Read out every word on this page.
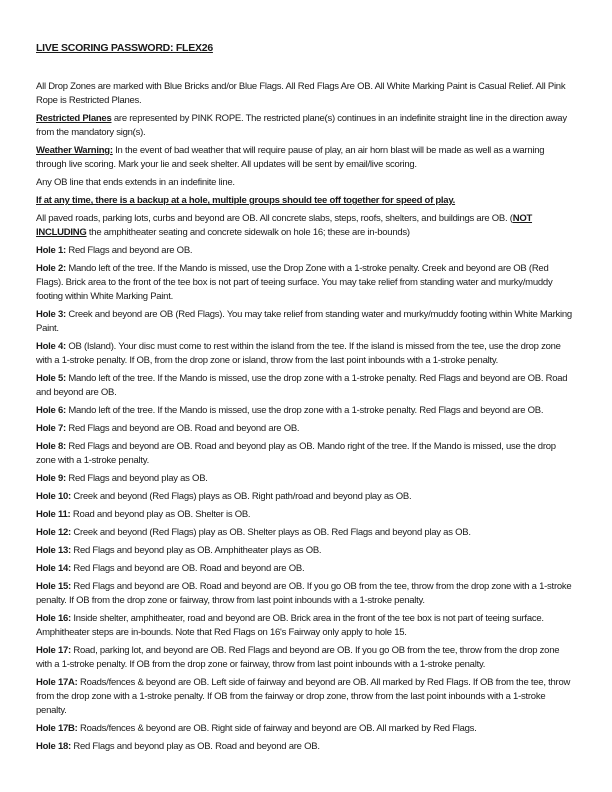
LIVE SCORING PASSWORD: FLEX26

All Drop Zones are marked with Blue Bricks and/or Blue Flags. All Red Flags Are OB. All White Marking Paint is Casual Relief. All Pink Rope is Restricted Planes.

Restricted Planes are represented by PINK ROPE. The restricted plane(s) continues in an indefinite straight line in the direction away from the mandatory sign(s).

Weather Warning: In the event of bad weather that will require pause of play, an air horn blast will be made as well as a warning through live scoring. Mark your lie and seek shelter. All updates will be sent by email/live scoring.

Any OB line that ends extends in an indefinite line.

If at any time, there is a backup at a hole, multiple groups should tee off together for speed of play.

All paved roads, parking lots, curbs and beyond are OB. All concrete slabs, steps, roofs, shelters, and buildings are OB. (NOT INCLUDING the amphitheater seating and concrete sidewalk on hole 16; these are in-bounds)

Hole 1: Red Flags and beyond are OB.

Hole 2: Mando left of the tree. If the Mando is missed, use the Drop Zone with a 1-stroke penalty. Creek and beyond are OB (Red Flags). Brick area to the front of the tee box is not part of teeing surface. You may take relief from standing water and murky/muddy footing within White Marking Paint.

Hole 3: Creek and beyond are OB (Red Flags). You may take relief from standing water and murky/muddy footing within White Marking Paint.

Hole 4: OB (Island). Your disc must come to rest within the island from the tee. If the island is missed from the tee, use the drop zone with a 1-stroke penalty. If OB, from the drop zone or island, throw from the last point inbounds with a 1-stroke penalty.

Hole 5: Mando left of the tree. If the Mando is missed, use the drop zone with a 1-stroke penalty. Red Flags and beyond are OB. Road and beyond are OB.

Hole 6: Mando left of the tree. If the Mando is missed, use the drop zone with a 1-stroke penalty. Red Flags and beyond are OB.

Hole 7: Red Flags and beyond are OB. Road and beyond are OB.

Hole 8: Red Flags and beyond are OB. Road and beyond play as OB. Mando right of the tree. If the Mando is missed, use the drop zone with a 1-stroke penalty.

Hole 9: Red Flags and beyond play as OB.

Hole 10: Creek and beyond (Red Flags) plays as OB. Right path/road and beyond play as OB.

Hole 11: Road and beyond play as OB. Shelter is OB.

Hole 12: Creek and beyond (Red Flags) play as OB. Shelter plays as OB. Red Flags and beyond play as OB.

Hole 13: Red Flags and beyond play as OB. Amphitheater plays as OB.

Hole 14: Red Flags and beyond are OB. Road and beyond are OB.

Hole 15: Red Flags and beyond are OB. Road and beyond are OB. If you go OB from the tee, throw from the drop zone with a 1-stroke penalty. If OB from the drop zone or fairway, throw from last point inbounds with a 1-stroke penalty.

Hole 16: Inside shelter, amphitheater, road and beyond are OB. Brick area in the front of the tee box is not part of teeing surface. Amphitheater steps are in-bounds. Note that Red Flags on 16's Fairway only apply to hole 15.

Hole 17: Road, parking lot, and beyond are OB. Red Flags and beyond are OB. If you go OB from the tee, throw from the drop zone with a 1-stroke penalty. If OB from the drop zone or fairway, throw from last point inbounds with a 1-stroke penalty.

Hole 17A: Roads/fences & beyond are OB. Left side of fairway and beyond are OB. All marked by Red Flags. If OB from the tee, throw from the drop zone with a 1-stroke penalty. If OB from the fairway or drop zone, throw from the last point inbounds with a 1-stroke penalty.

Hole 17B: Roads/fences & beyond are OB. Right side of fairway and beyond are OB. All marked by Red Flags.

Hole 18: Red Flags and beyond play as OB. Road and beyond are OB.
